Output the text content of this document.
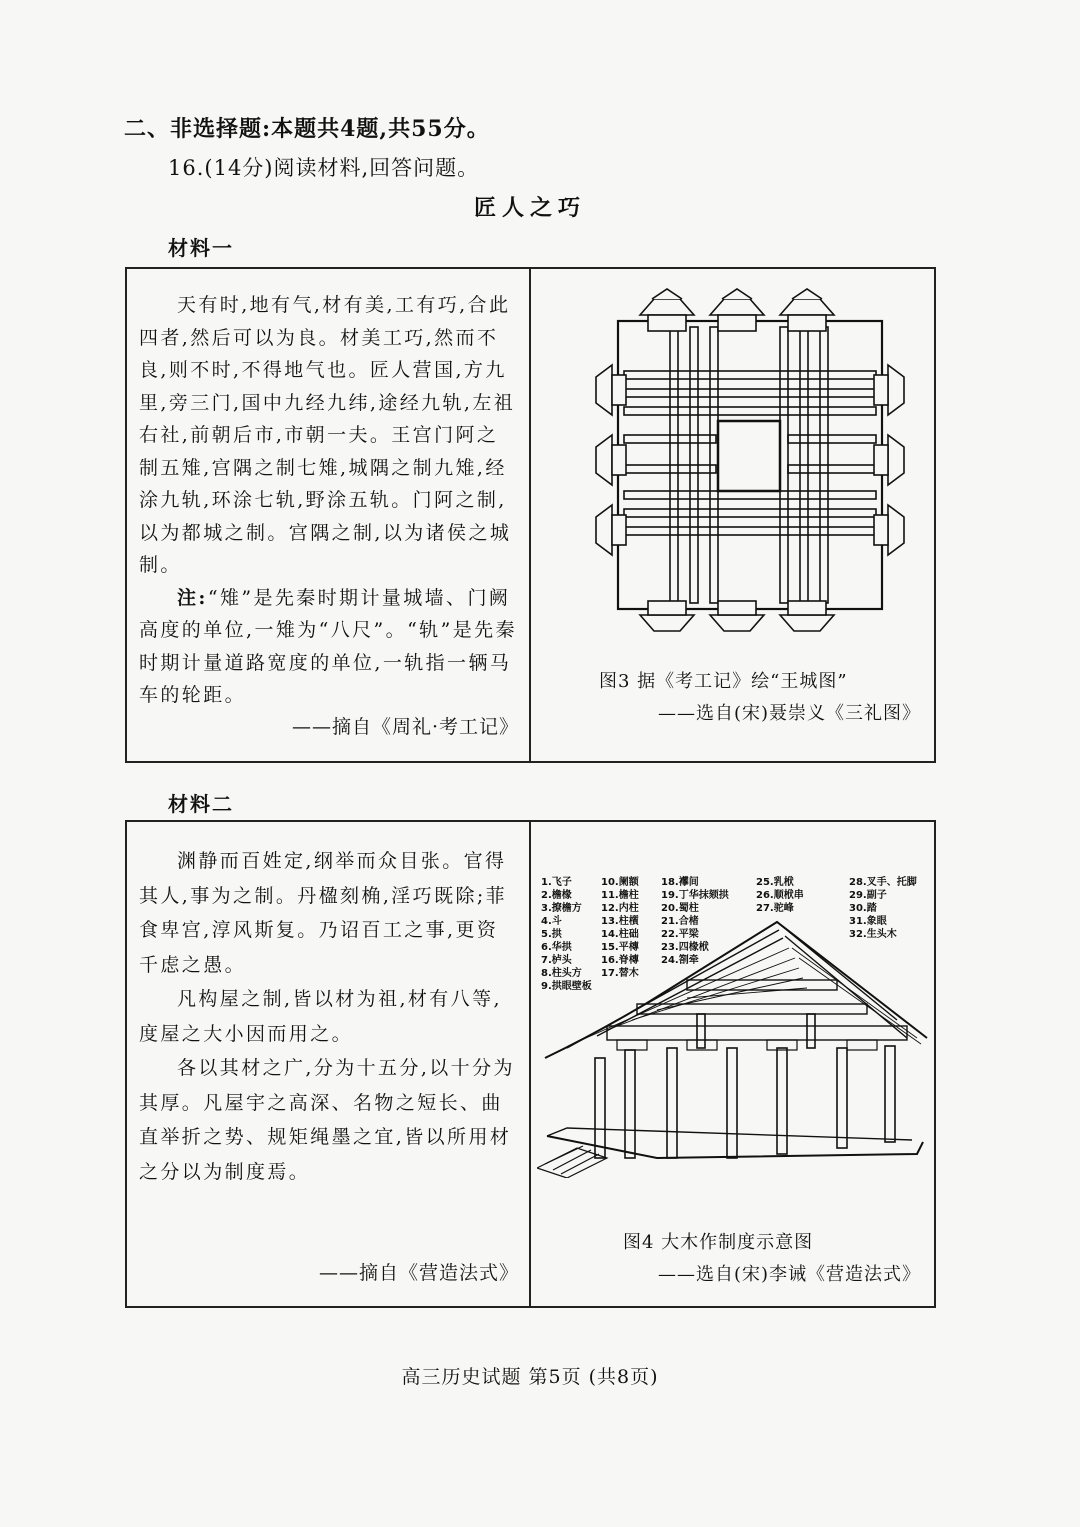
二、非选择题:本题共4题,共55分。
16.(14分)阅读材料,回答问题。
匠人之巧
材料一

天有时,地有气,材有美,工有巧,合此四者,然后可以为良。材美工巧,然而不良,则不时,不得地气也。匠人营国,方九里,旁三门,国中九经九纬,途经九轨,左祖右社,前朝后市,市朝一夫。王宫门阿之制五雉,宫隅之制七雉,城隅之制九雉,经涂九轨,环涂七轨,野涂五轨。门阿之制,以为都城之制。宫隅之制,以为诸侯之城制。

注:“雉”是先秦时期计量城墙、门阙高度的单位,一雉为“八尺”。“轨”是先秦时期计量道路宽度的单位,一轨指一辆马车的轮距。

——摘自《周礼·考工记》
图3 据《考工记》绘“王城图”
——选自(宋)聂崇义《三礼图》
材料二

渊静而百姓定,纲举而众目张。官得其人,事为之制。丹楹刻桷,淫巧既除;菲食卑宫,淳风斯复。乃诏百工之事,更资千虑之愚。

凡构屋之制,皆以材为祖,材有八等,度屋之大小因而用之。

各以其材之广,分为十五分,以十分为其厚。凡屋宇之高深、名物之短长、曲直举折之势、规矩绳墨之宜,皆以所用材之分以为制度焉。

——摘自《营造法式》
1.飞子
2.檐椽
3.撩檐方
4.斗
5.拱
6.华拱
7.栌头
8.柱头方
9.拱眼壁板
10.阑额
11.檐柱
12.内柱
13.柱櫍
14.柱础
15.平槫
16.脊槫
17.替木
18.襻间
19.丁华抹颏拱
20.蜀柱
21.合楮
22.平梁
23.四椽栿
24.劄牵
25.乳栿
26.顺栿串
27.驼峰
28.叉手、托脚
29.副子
30.踏
31.象眼
32.生头木
图4 大木作制度示意图
——选自(宋)李诫《营造法式》
高三历史试题 第5页 (共8页)
